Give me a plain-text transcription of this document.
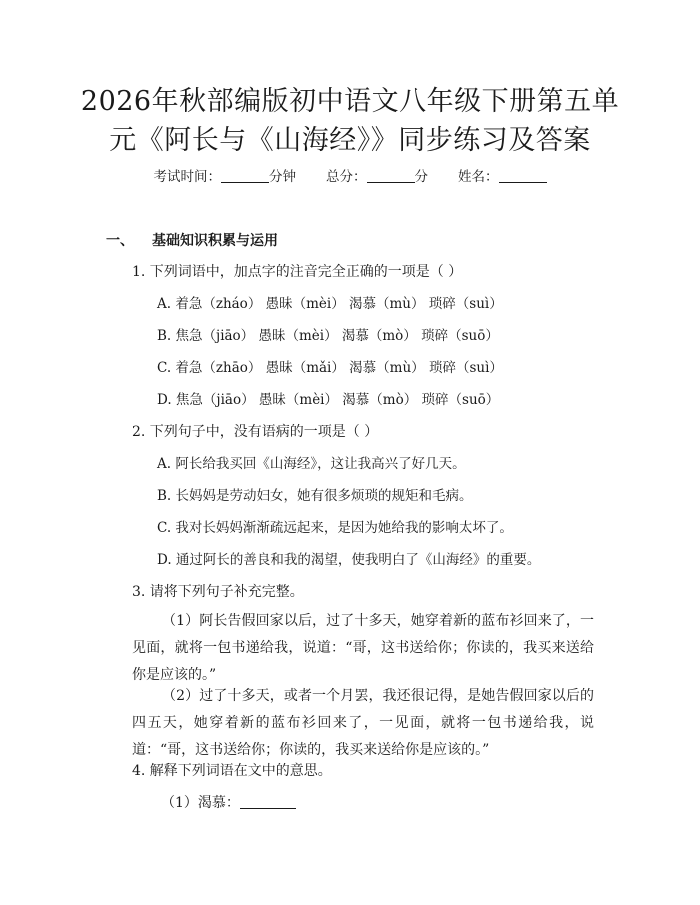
2026年秋部编版初中语文八年级下册第五单
元《阿长与《山海经》》同步练习及答案
考试时间：	分钟 总分：	分 姓名：
一、 基础知识积累与运用
1. 下列词语中，加点字的注音完全正确的一项是（ ）
A. 着急（zháo） 愚昧（mèi） 渴慕（mù） 琐碎（suì）
B. 焦急（jiāo） 愚昧（mèi） 渴慕（mò） 琐碎（suō）
C. 着急（zhāo） 愚昧（mǎi） 渴慕（mù） 琐碎（suì）
D. 焦急（jiāo） 愚昧（mèi） 渴慕（mò） 琐碎（suō）
2. 下列句子中，没有语病的一项是（ ）
A. 阿长给我买回《山海经》，这让我高兴了好几天。
B. 长妈妈是劳动妇女，她有很多烦琐的规矩和毛病。
C. 我对长妈妈渐渐疏远起来，是因为她给我的影响太坏了。
D. 通过阿长的善良和我的渴望，使我明白了《山海经》的重要。
3. 请将下列句子补充完整。
（1）阿长告假回家以后，过了十多天，她穿着新的蓝布衫回来了，一见面，就将一包书递给我，说道：“哥，这书送给你；你读的，我买来送给你是应该的。”
（2）过了十多天，或者一个月罢，我还很记得，是她告假回家以后的四五天，她穿着新的蓝布衫回来了，一见面，就将一包书递给我，说道：“哥，这书送给你；你读的，我买来送给你是应该的。”
4. 解释下列词语在文中的意思。
（1）渴慕：
